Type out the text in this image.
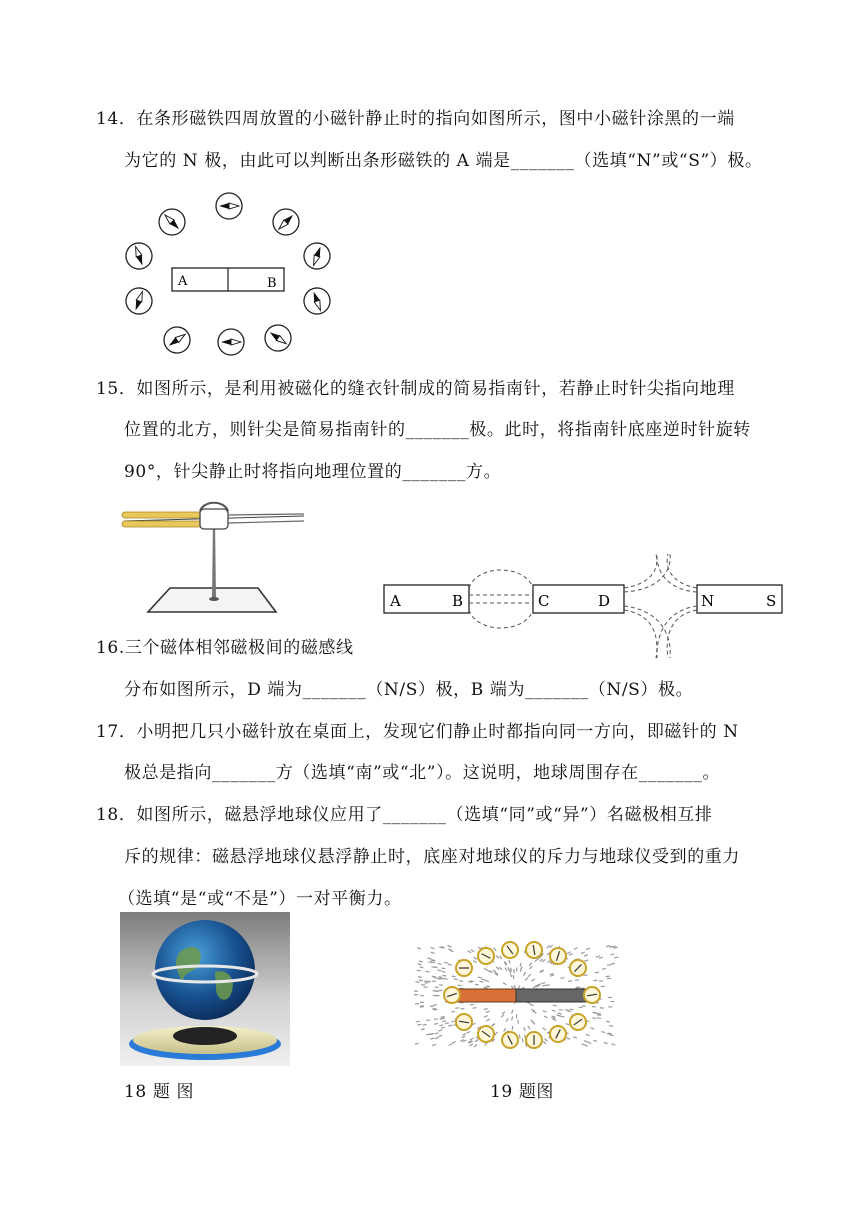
14．在条形磁铁四周放置的小磁针静止时的指向如图所示，图中小磁针涂黑的一端
为它的 N 极，由此可以判断出条形磁铁的 A 端是_______（选填“N”或“S”）极。
A	B
15．如图所示，是利用被磁化的缝衣针制成的简易指南针，若静止时针尖指向地理
位置的北方，则针尖是简易指南针的_______极。此时，将指南针底座逆时针旋转
90°，针尖静止时将指向地理位置的_______方。
A	B	C	D	N	S
16.三个磁体相邻磁极间的磁感线
分布如图所示，D 端为_______（N/S）极，B 端为_______（N/S）极。
17．小明把几只小磁针放在桌面上，发现它们静止时都指向同一方向，即磁针的 N
极总是指向_______方（选填“南”或“北”）。这说明，地球周围存在_______。
18．如图所示，磁悬浮地球仪应用了_______（选填“同”或“异”）名磁极相互排
斥的规律：磁悬浮地球仪悬浮静止时，底座对地球仪的斥力与地球仪受到的重力
（选填“是“或“不是”）一对平衡力。
18 题 图	19 题图
